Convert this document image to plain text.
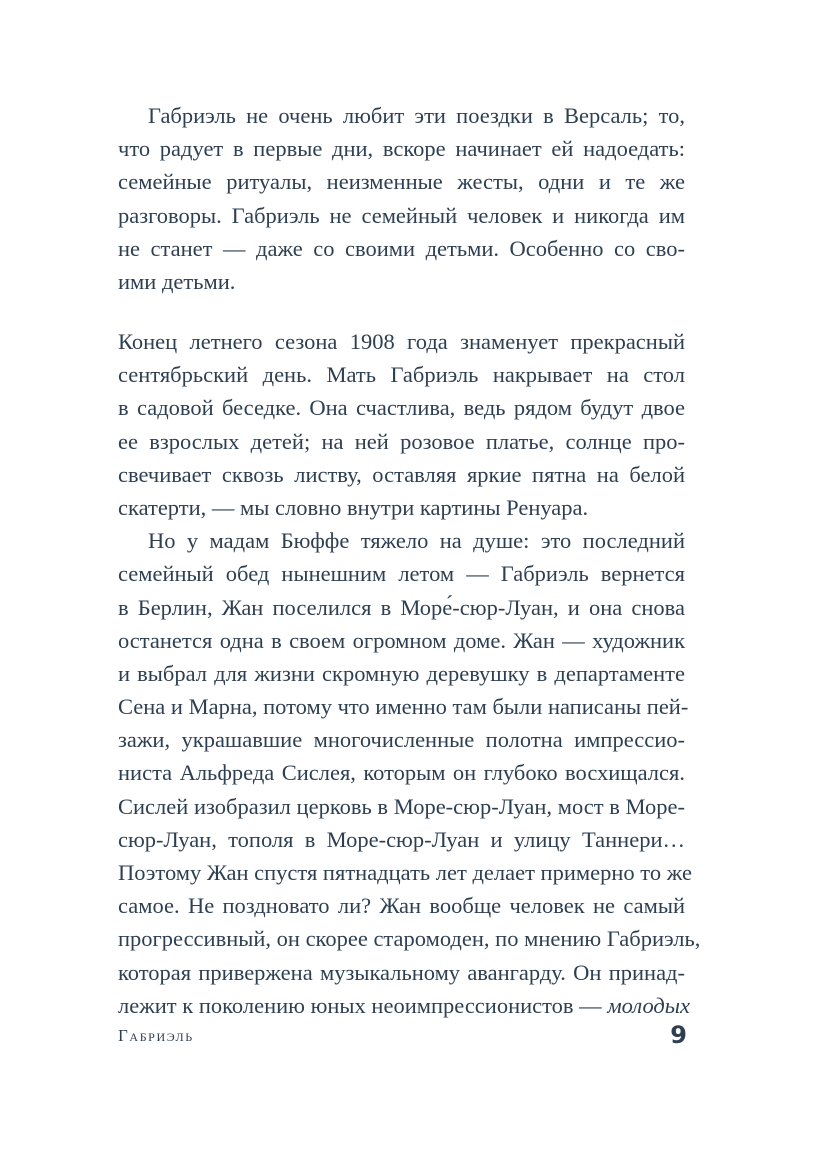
Габриэль не очень любит эти поездки в Версаль; то,
что радует в первые дни, вскоре начинает ей надоедать:
семейные ритуалы, неизменные жесты, одни и те же
разговоры. Габриэль не семейный человек и никогда им
не станет — даже со своими детьми. Особенно со сво-
ими детьми.
Конец летнего сезона 1908 года знаменует прекрасный
сентябрьский день. Мать Габриэль накрывает на стол
в садовой беседке. Она счастлива, ведь рядом будут двое
ее взрослых детей; на ней розовое платье, солнце про-
свечивает сквозь листву, оставляя яркие пятна на белой
скатерти, — мы словно внутри картины Ренуара.
Но у мадам Бюффе тяжело на душе: это последний
семейный обед нынешним летом — Габриэль вернется
в Берлин, Жан поселился в Море́-сюр-Луан, и она снова
останется одна в своем огромном доме. Жан — художник
и выбрал для жизни скромную деревушку в департаменте
Сена и Марна, потому что именно там были написаны пей-
зажи, украшавшие многочисленные полотна импрессио-
ниста Альфреда Сислея, которым он глубоко восхищался.
Сислей изобразил церковь в Море-сюр-Луан, мост в Море-
сюр-Луан, тополя в Море-сюр-Луан и улицу Таннери…
Поэтому Жан спустя пятнадцать лет делает примерно то же
самое. Не поздновато ли? Жан вообще человек не самый
прогрессивный, он скорее старомоден, по мнению Габриэль,
которая привержена музыкальному авангарду. Он принад-
лежит к поколению юных неоимпрессионистов — молодых
Габриэль	9
